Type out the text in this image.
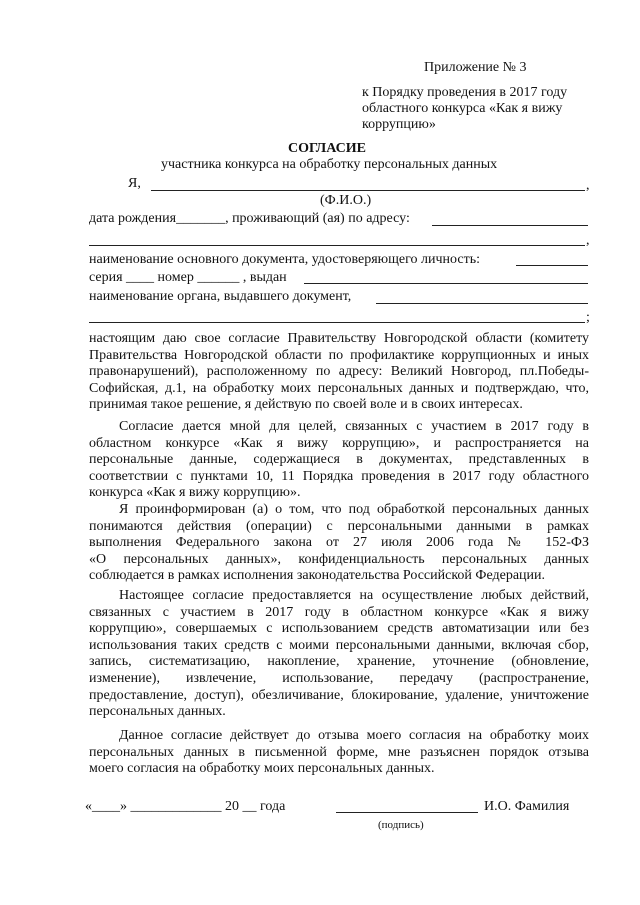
Приложение № 3
к Порядку проведения в 2017 году
областного конкурса «Как я вижу
коррупцию»
СОГЛАСИЕ
участника конкурса на обработку персональных данных
Я,	,
(Ф.И.О.)
дата рождения_______, проживающий (ая) по адресу:
,
наименование основного документа, удостоверяющего личность:
серия ____ номер ______ , выдан
наименование органа, выдавшего документ,
;
настоящим даю свое согласие Правительству Новгородской области (комитету
Правительства Новгородской области по профилактике коррупционных и иных
правонарушений), расположенному по адресу: Великий Новгород, пл.Победы-
Софийская, д.1, на обработку моих персональных данных и подтверждаю, что,
принимая такое решение, я действую по своей воле и в своих интересах.
Согласие дается мной для целей, связанных с участием в 2017 году в
областном конкурсе «Как я вижу коррупцию», и распространяется на
персональные данные, содержащиеся в документах, представленных в
соответствии с пунктами 10, 11 Порядка проведения в 2017 году областного
конкурса «Как я вижу коррупцию».
Я проинформирован (а) о том, что под обработкой персональных данных
понимаются действия (операции) с персональными данными в рамках
выполнения Федерального закона от 27 июля 2006 года № 152-ФЗ
«О персональных данных», конфиденциальность персональных данных
соблюдается в рамках исполнения законодательства Российской Федерации.
Настоящее согласие предоставляется на осуществление любых действий,
связанных с участием в 2017 году в областном конкурсе «Как я вижу
коррупцию», совершаемых с использованием средств автоматизации или без
использования таких средств с моими персональными данными, включая сбор,
запись, систематизацию, накопление, хранение, уточнение (обновление,
изменение), извлечение, использование, передачу (распространение,
предоставление, доступ), обезличивание, блокирование, удаление, уничтожение
персональных данных.
Данное согласие действует до отзыва моего согласия на обработку моих
персональных данных в письменной форме, мне разъяснен порядок отзыва
моего согласия на обработку моих персональных данных.
«____» _____________ 20 __ года	И.О. Фамилия
(подпись)
